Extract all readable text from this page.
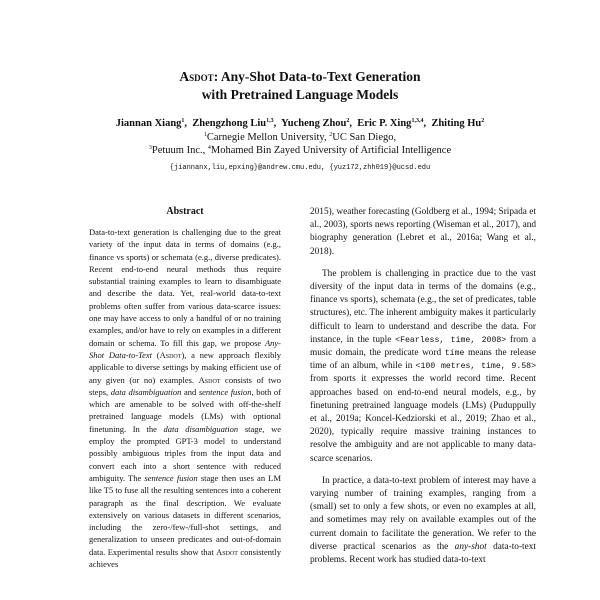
Asdot: Any-Shot Data-to-Text Generation
with Pretrained Language Models
Jiannan Xiang$^1$,  Zhengzhong Liu$^{1,3}$,  Yucheng Zhou$^2$,  Eric P. Xing$^{1,3,4}$,  Zhiting Hu$^2$
$^1$Carnegie Mellon University, $^2$UC San Diego,
$^3$Petuum Inc., $^4$Mohamed Bin Zayed University of Artificial Intelligence
{jiannanx,liu,epxing}@andrew.cmu.edu, {yuz172,zhh019}@ucsd.edu
Abstract
Data-to-text generation is challenging due to the great variety of the input data in terms of domains (e.g., finance vs sports) or schemata (e.g., diverse predicates). Recent end-to-end neural methods thus require substantial training examples to learn to disambiguate and describe the data. Yet, real-world data-to-text problems often suffer from various data-scarce issues: one may have access to only a handful of or no training examples, and/or have to rely on examples in a different domain or schema. To fill this gap, we propose Any-Shot Data-to-Text (Asdot), a new approach flexibly applicable to diverse settings by making efficient use of any given (or no) examples. Asdot consists of two steps, data disambiguation and sentence fusion, both of which are amenable to be solved with off-the-shelf pretrained language models (LMs) with optional finetuning. In the data disambiguation stage, we employ the prompted GPT-3 model to understand possibly ambiguous triples from the input data and convert each into a short sentence with reduced ambiguity. The sentence fusion stage then uses an LM like T5 to fuse all the resulting sentences into a coherent paragraph as the final description. We evaluate extensively on various datasets in different scenarios, including the zero-/few-/full-shot settings, and generalization to unseen predicates and out-of-domain data. Experimental results show that Asdot consistently achieves

2015), weather forecasting (Goldberg et al., 1994; Sripada et al., 2003), sports news reporting (Wiseman et al., 2017), and biography generation (Lebret et al., 2016a; Wang et al., 2018).

The problem is challenging in practice due to the vast diversity of the input data in terms of the domains (e.g., finance vs sports), schemata (e.g., the set of predicates, table structures), etc. The inherent ambiguity makes it particularly difficult to learn to understand and describe the data. For instance, in the tuple <Fearless, time, 2008> from a music domain, the predicate word time means the release time of an album, while in <100 metres, time, 9.58> from sports it expresses the world record time. Recent approaches based on end-to-end neural models, e.g., by finetuning pretrained language models (LMs) (Puduppully et al., 2019a; Koncel-Kedziorski et al., 2019; Zhao et al., 2020), typically require massive training instances to resolve the ambiguity and are not applicable to many data-scarce scenarios.

In practice, a data-to-text problem of interest may have a varying number of training examples, ranging from a (small) set to only a few shots, or even no examples at all, and sometimes may rely on available examples out of the current domain to facilitate the generation. We refer to the diverse practical scenarios as the any-shot data-to-text problems. Recent work has studied data-to-text
